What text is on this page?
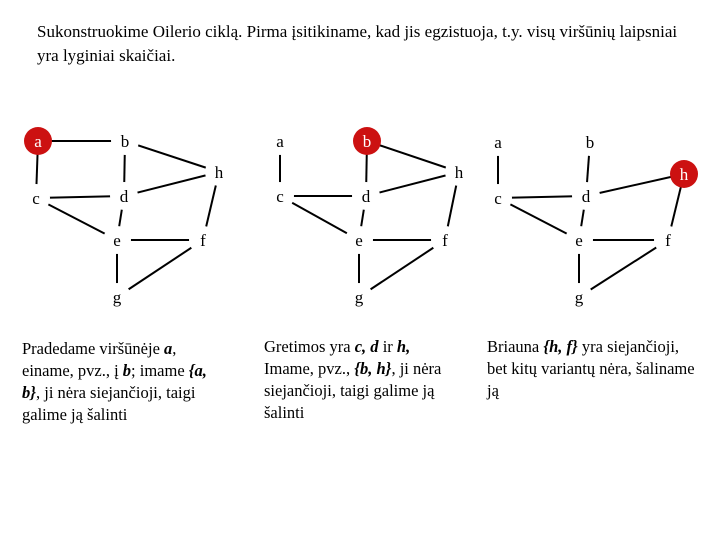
Sukonstruokime Oilerio ciklą. Pirma įsitikiname, kad jis egzistuoja, t.y. visų viršūnių laipsniai yra lyginiai skaičiai.

a	b
h
c	d
e	f
g
a	b
h
c	d
e	f
g
a	b
h
c	d
e	f
g

Pradedame viršūnėje a, einame, pvz., į b; imame {a, b}, ji nėra siejančioji, taigi galime ją šalinti

Gretimos yra c, d ir h, Imame, pvz., {b, h}, ji nėra siejančioji, taigi galime ją šalinti

Briauna {h, f} yra siejančioji, bet kitų variantų nėra, šaliname ją
